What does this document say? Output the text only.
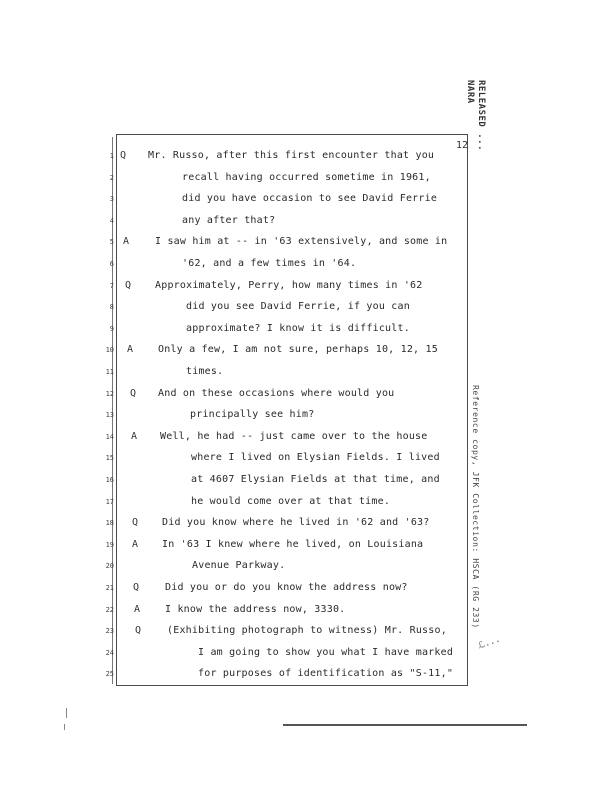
RELEASED ...
NARA
12
Reference copy, JFK Collection: HSCA (RG 233)
ℒ...
1 Q Mr. Russo, after this first encounter that you
2	recall having occurred sometime in 1961,
3	did you have occasion to see David Ferrie
4	any after that?
5 A	I saw him at -- in '63 extensively, and some in
6	'62, and a few times in '64.
7 Q Approximately, Perry, how many times in '62
8	did you see David Ferrie, if you can
9	approximate? I know it is difficult.
10 A Only a few, I am not sure, perhaps 10, 12, 15
11	times.
12 Q And on these occasions where would you
13	principally see him?
14 A Well, he had -- just came over to the house
15	where I lived on Elysian Fields. I lived
16	at 4607 Elysian Fields at that time, and
17	he would come over at that time.
18 Q Did you know where he lived in '62 and '63?
19 A In '63 I knew where he lived, on Louisiana
20	Avenue Parkway.
21 Q	Did you or do you know the address now?
22 A I know the address now, 3330.
23 Q	(Exhibiting photograph to witness) Mr. Russo,
24	I am going to show you what I have marked
25	for purposes of identification as "S-11,"
